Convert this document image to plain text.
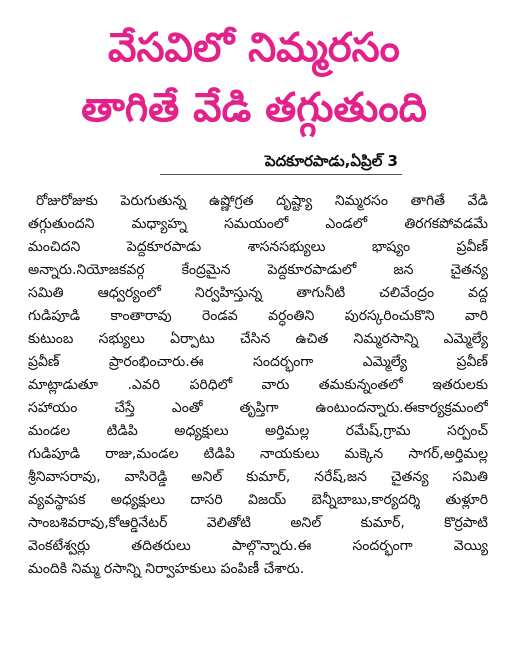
వేసవిలో నిమ్మరసం
తాగితే వేడి తగ్గుతుంది
పెదకూరపాడు,ఏప్రిల్ 3
రోజురోజుకు పెరుగుతున్న ఉష్ణోగ్రత దృష్ట్యా నిమ్మరసం తాగితే వేడి
తగ్గుతుందని మధ్యాహ్న సమయంలో ఎండలో తిరగకపోవడమే
మంచిదని పెద్దకూరపాడు శాసనసభ్యులు భాష్యం ప్రవీణ్
అన్నారు.నియోజకవర్గ కేంద్రమైన పెద్దకూరపాడులో జన చైతన్య
సమితి ఆధ్వర్యంలో నిర్వహిస్తున్న తాగునీటి చలివేంద్రం వద్ద
గుడిపూడి కాంతారావు రెండవ వర్ధంతిని పురస్కరించుకొని వారి
కుటుంబ సభ్యులు ఏర్పాటు చేసిన ఉచిత నిమ్మరసాన్ని ఎమ్మెల్యే
ప్రవీణ్ ప్రారంభించారు.ఈ సందర్భంగా ఎమ్మెల్యే ప్రవీణ్
మాట్లాడుతూ .ఎవరి పరిధిలో వారు తమకున్నంతలో ఇతరులకు
సహాయం చేస్తే ఎంతో తృప్తిగా ఉంటుందన్నారు.ఈకార్యక్రమంలో
మండల టిడిపి అధ్యక్షులు అర్తిమల్ల రమేష్,గ్రామ సర్పంచ్
గుడిపూడి రాజు,మండల టిడిపి నాయకులు మక్కెన సాగర్,అర్తిమల్ల
శ్రీనివాసరావు, వాసిరెడ్డి అనిల్ కుమార్, నరేష్,జన చైతన్య సమితి
వ్యవస్థాపక అధ్యక్షులు దాసరి విజయ్ బెన్నీబాబు,కార్యదర్శి తుళ్లూరి
సాంబశివరావు,కోఆర్డినేటర్ వెలితోటి అనిల్ కుమార్, కొర్రపాటి
వెంకటేశ్వర్లు తదితరులు పాల్గొన్నారు.ఈ సందర్భంగా వెయ్యి
మందికి నిమ్మ రసాన్ని నిర్వాహకులు పంపిణీ చేశారు.
